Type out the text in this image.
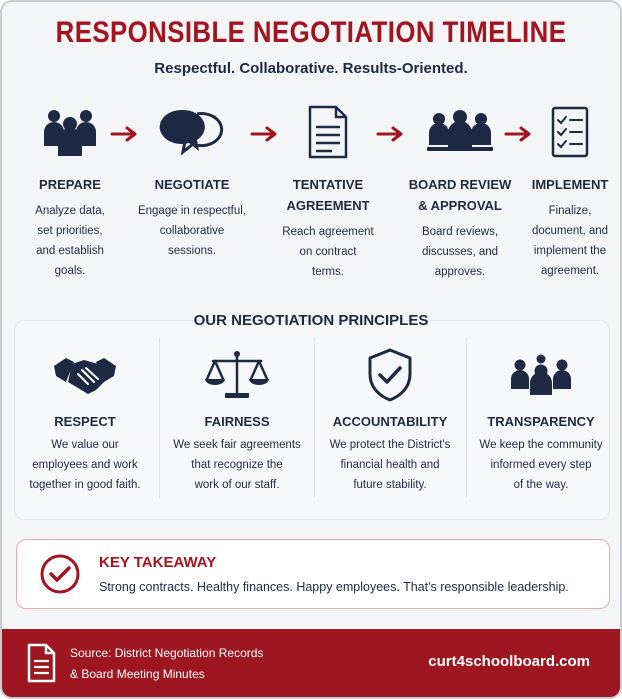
RESPONSIBLE NEGOTIATION TIMELINE
Respectful. Collaborative. Results-Oriented.
PREPARE
Analyze data,
set priorities,
and establish
goals.
NEGOTIATE
Engage in respectful,
collaborative
sessions.
TENTATIVE
AGREEMENT
Reach agreement
on contract
terms.
BOARD REVIEW
& APPROVAL
Board reviews,
discusses, and
approves.
IMPLEMENT
Finalize,
document, and
implement the
agreement.
OUR NEGOTIATION PRINCIPLES
RESPECT
We value our
employees and work
together in good faith.
FAIRNESS
We seek fair agreements
that recognize the
work of our staff.
ACCOUNTABILITY
We protect the District's
financial health and
future stability.
TRANSPARENCY
We keep the community
informed every step
of the way.
KEY TAKEAWAY
Strong contracts. Healthy finances. Happy employees. That's responsible leadership.
Source: District Negotiation Records
& Board Meeting Minutes
curt4schoolboard.com
